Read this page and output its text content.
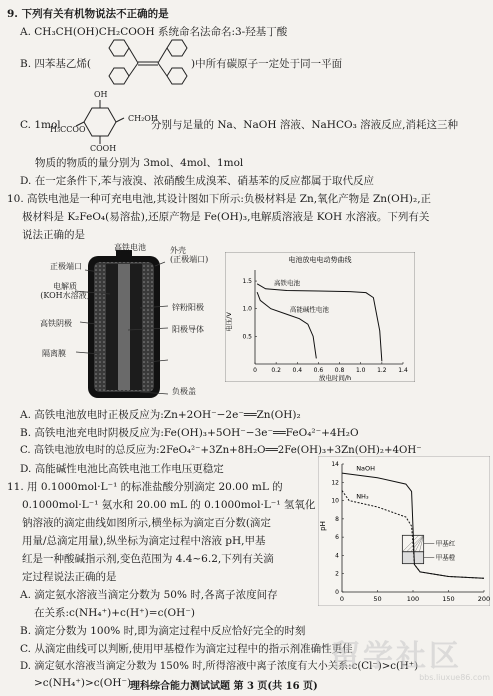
9. 下列有关有机物说法不正确的是
A. CH₃CH(OH)CH₂COOH 系统命名法命名:3-羟基丁酸
B. 四苯基乙烯(	)中所有碳原子一定处于同一平面
OH
H₃CCOO
CH₂OH
COOH
C. 1mol	分别与足量的 Na、NaOH 溶液、NaHCO₃ 溶液反应,消耗这三种
物质的物质的量分别为 3mol、4mol、1mol
D. 在一定条件下,苯与液溴、浓硝酸生成溴苯、硝基苯的反应都属于取代反应
10. 高铁电池是一种可充电电池,其设计图如下所示:负极材料是 Zn,氧化产物是 Zn(OH)₂,正
极材料是 K₂FeO₄(易溶盐),还原产物是 Fe(OH)₃,电解质溶液是 KOH 水溶液。下列有关
说法正确的是
高铁电池
正极端口
电解质
(KOH水溶液)
外壳
(正极端口)
锌粉阳极
阳极导体
高铁阴极
隔离膜
负极盖
电池放电电动势曲线
电压/V
放电时间/h
0 0.2 0.4 0.6 0.8 1.0 1.2 1.4
0.5
1.0
1.5	高铁电池
高能碱性电池
A. 高铁电池放电时正极反应为:Zn+2OH⁻−2e⁻══Zn(OH)₂
B. 高铁电池充电时阴极反应为:Fe(OH)₃+5OH⁻−3e⁻══FeO₄²⁻+4H₂O
C. 高铁电池放电时的总反应为:2FeO₄²⁻+3Zn+8H₂O══2Fe(OH)₃+3Zn(OH)₂+4OH⁻
D. 高能碱性电池比高铁电池工作电压更稳定
11. 用 0.1000mol·L⁻¹ 的标准盐酸分别滴定 20.00 mL 的
0.1000mol·L⁻¹ 氨水和 20.00 mL 的 0.1000mol·L⁻¹ 氢氧化
钠溶液的滴定曲线如图所示,横坐标为滴定百分数(滴定
用量/总滴定用量),纵坐标为滴定过程中溶液 pH,甲基
红是一种酸碱指示剂,变色范围为 4.4~6.2,下列有关滴
定过程说法正确的是
A. 滴定氨水溶液当滴定分数为 50% 时,各离子浓度间存
在关系:c(NH₄⁺)+c(H⁺)=c(OH⁻)
B. 滴定分数为 100% 时,即为滴定过程中反应恰好完全的时刻
C. 从滴定曲线可以判断,使用甲基橙作为滴定过程中的指示剂准确性更佳
D. 滴定氨水溶液当滴定分数为 150% 时,所得溶液中离子浓度有大小关系:c(Cl⁻)>c(H⁺)
>c(NH₄⁺)>c(OH⁻)
pH
0	50	100	150	200
0
2
4
6
8
10
12
14
甲基红
甲基橙
NaOH
NH₃
理科综合能力测试试题 第 3 页(共 16 页)
留学社区
bbs.liuxue86.com
